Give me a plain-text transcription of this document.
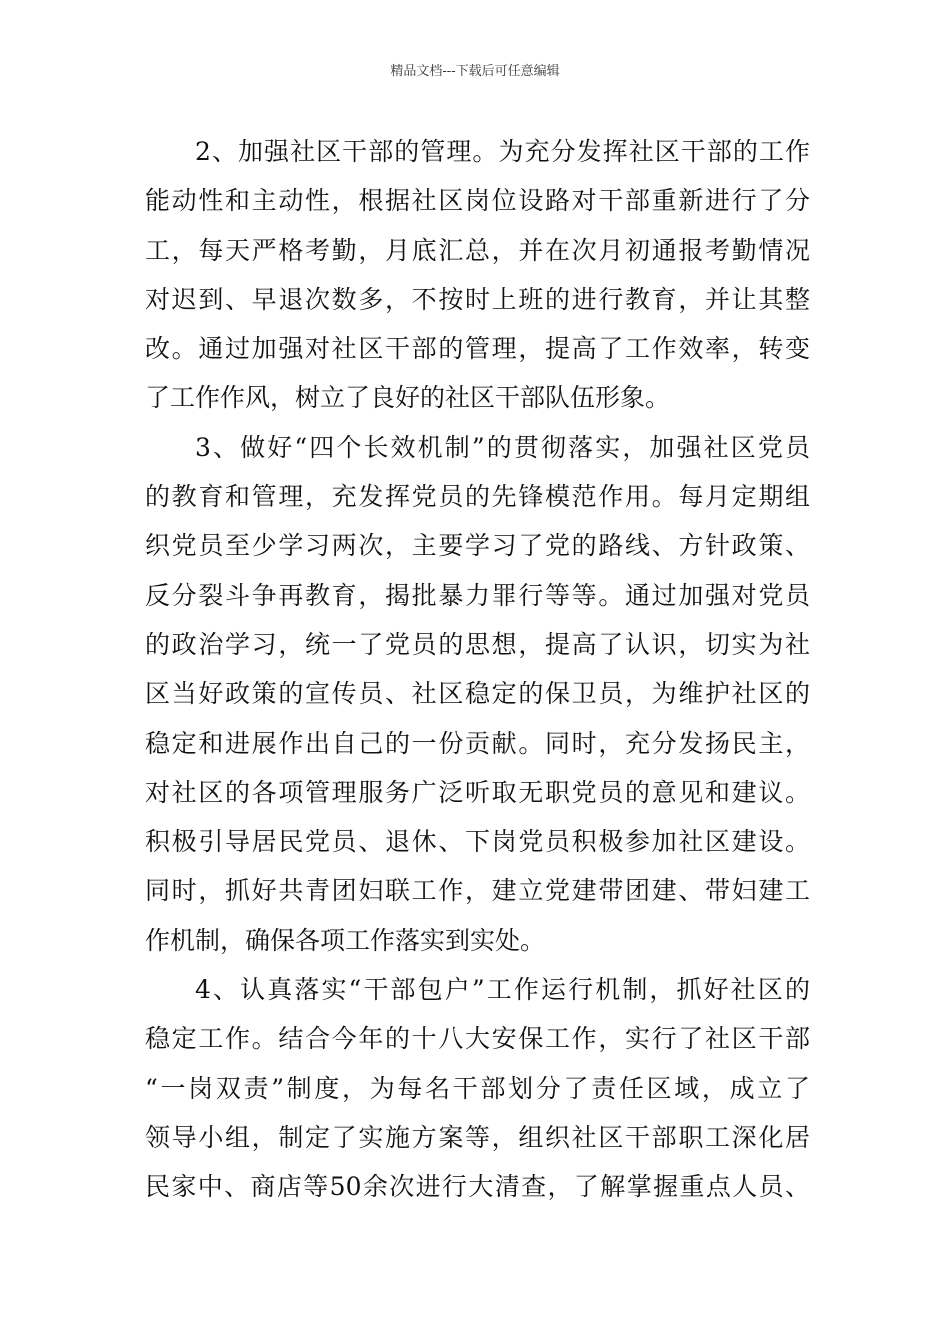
精品文档---下载后可任意编辑
2、加强社区干部的管理。为充分发挥社区干部的工作
能动性和主动性，根据社区岗位设路对干部重新进行了分
工，每天严格考勤，月底汇总，并在次月初通报考勤情况
对迟到、早退次数多，不按时上班的进行教育，并让其整
改。通过加强对社区干部的管理，提高了工作效率，转变
了工作作风，树立了良好的社区干部队伍形象。
3、做好“四个长效机制”的贯彻落实，加强社区党员
的教育和管理，充发挥党员的先锋模范作用。每月定期组
织党员至少学习两次，主要学习了党的路线、方针政策、
反分裂斗争再教育，揭批暴力罪行等等。通过加强对党员
的政治学习，统一了党员的思想，提高了认识，切实为社
区当好政策的宣传员、社区稳定的保卫员，为维护社区的
稳定和进展作出自己的一份贡献。同时，充分发扬民主，
对社区的各项管理服务广泛听取无职党员的意见和建议。
积极引导居民党员、退休、下岗党员积极参加社区建设。
同时，抓好共青团妇联工作，建立党建带团建、带妇建工
作机制，确保各项工作落实到实处。
4、认真落实“干部包户”工作运行机制，抓好社区的
稳定工作。结合今年的十八大安保工作，实行了社区干部
“一岗双责”制度，为每名干部划分了责任区域，成立了
领导小组，制定了实施方案等，组织社区干部职工深化居
民家中、商店等50余次进行大清查，了解掌握重点人员、
